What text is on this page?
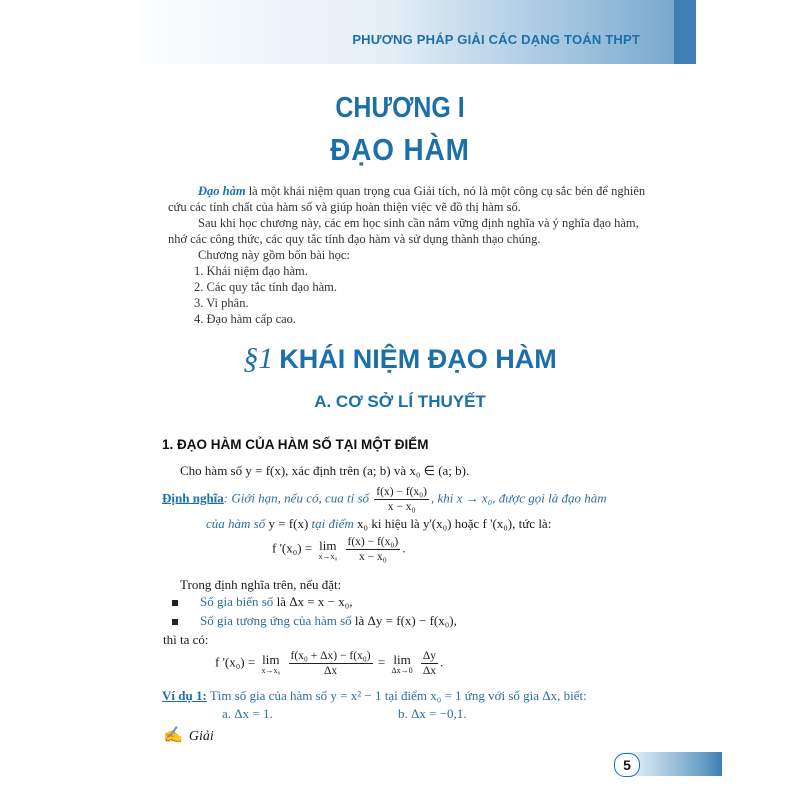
PHƯƠNG PHÁP GIẢI CÁC DẠNG TOÁN THPT
CHƯƠNG I
ĐẠO HÀM

Đạo hàm là một khái niệm quan trọng cua Giải tích, nó là một công cụ sắc bén để nghiên cứu các tính chất của hàm số và giúp hoàn thiện việc vẽ đồ thị hàm số.

Sau khi học chương này, các em học sinh cần nắm vững định nghĩa và ý nghĩa đạo hàm, nhớ các công thức, các quy tắc tính đạo hàm và sử dụng thành thạo chúng.

Chương này gồm bốn bài học:

1. Khái niệm đạo hàm.

2. Các quy tắc tính đạo hàm.

3. Vi phân.

4. Đạo hàm cấp cao.

§1 KHÁI NIỆM ĐẠO HÀM
A. CƠ SỞ LÍ THUYẾT
1. ĐẠO HÀM CỦA HÀM SỐ TẠI MỘT ĐIỂM
Cho hàm số y = f(x), xác định trên (a; b) và x₀ ∈ (a; b).
Định nghĩa: Giới hạn, nếu có, cua tỉ số $\frac{\text{f(x) − f(x₀)}}{\text{x − x₀}}$ , khi x → x₀, được gọi là đạo hàm
của hàm số y = f(x) tại điểm x₀ ki hiệu là y'(x₀) hoặc f '(x₀), tức là:
f '(x₀) = lim
x→x₀
$\frac{\text{f(x) − f(x₀)}}{\text{x − x₀}}$ .
Trong định nghĩa trên, nếu đặt:
Số gia biến số là Δx = x − x₀,
Số gia tương ứng của hàm số là Δy = f(x) − f(x₀),
thì ta có:
f '(x₀) = lim
x→x₀
$\frac{\text{f(x₀ + Δx) − f(x₀)}}{\Delta x} = \lim$
Δx→0
$\frac{\Delta y}{\Delta x}$ .
Ví dụ 1: Tìm số gia của hàm số y = x² − 1 tại điểm x₀ = 1 ứng với số gia Δx, biết:
a. Δx = 1.	b. Δx = −0,1.
✍ Giải
5
